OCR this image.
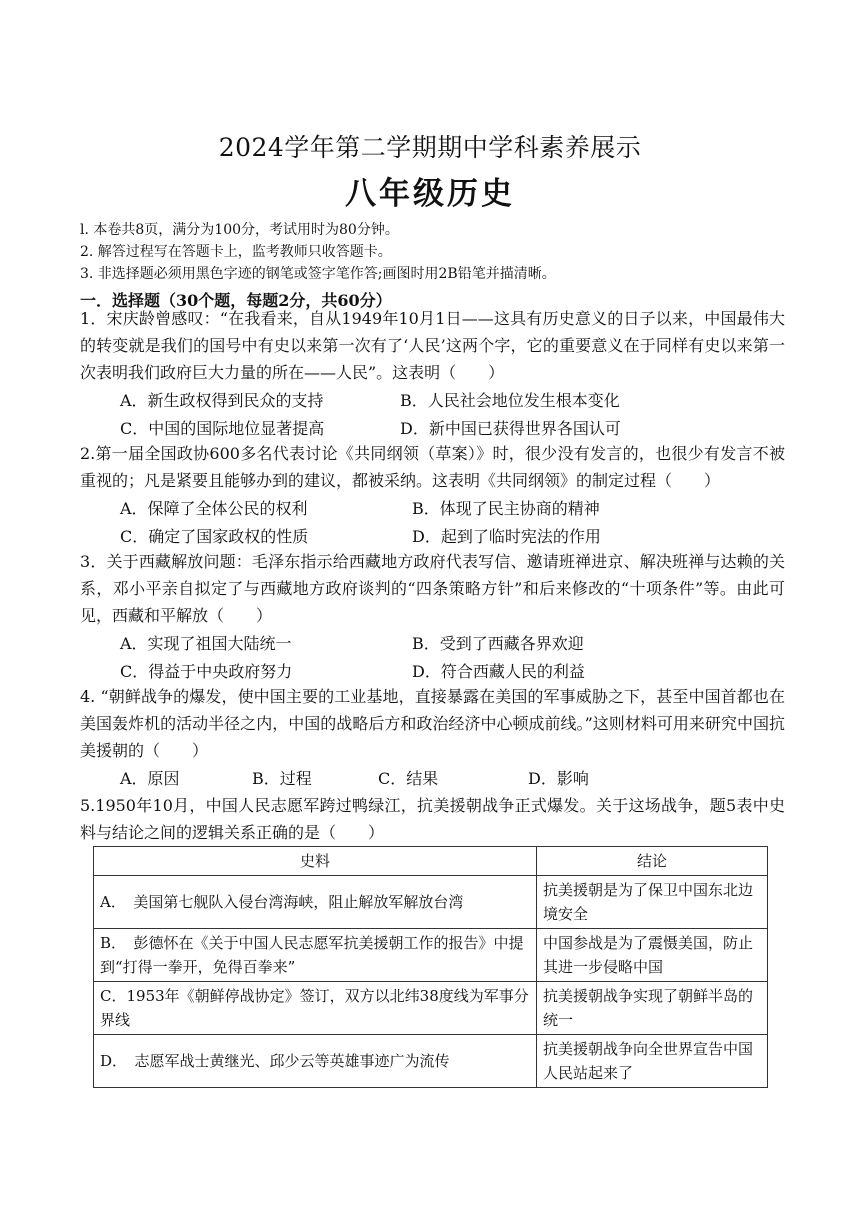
2024学年第二学期期中学科素养展示
八年级历史
l. 本卷共8页，满分为100分，考试用时为80分钟。
2. 解答过程写在答题卡上，监考教师只收答题卡。
3. 非选择题必须用黑色字迹的钢笔或签字笔作答;画图时用2B铅笔并描清晰。
一．选择题（30个题，每题2分，共60分）
1．宋庆龄曾感叹：“在我看来，自从1949年10月1日——这具有历史意义的日子以来，中国最伟大的转变就是我们的国号中有史以来第一次有了‘人民’这两个字，它的重要意义在于同样有史以来第一次表明我们政府巨大力量的所在——人民”。这表明（　　）
A．新生政权得到民众的支持	B．人民社会地位发生根本变化
C．中国的国际地位显著提高	D．新中国已获得世界各国认可
2.第一届全国政协600多名代表讨论《共同纲领（草案）》时，很少没有发言的，也很少有发言不被重视的；凡是紧要且能够办到的建议，都被采纳。这表明《共同纲领》的制定过程（　　）
A．保障了全体公民的权利	B．体现了民主协商的精神
C．确定了国家政权的性质	D．起到了临时宪法的作用
3．关于西藏解放问题：毛泽东指示给西藏地方政府代表写信、邀请班禅进京、解决班禅与达赖的关系，邓小平亲自拟定了与西藏地方政府谈判的“四条策略方针”和后来修改的“十项条件”等。由此可见，西藏和平解放（　　）
A．实现了祖国大陆统一	B．受到了西藏各界欢迎
C．得益于中央政府努力	D．符合西藏人民的利益
4. “朝鲜战争的爆发，使中国主要的工业基地，直接暴露在美国的军事威胁之下，甚至中国首都也在美国轰炸机的活动半径之内，中国的战略后方和政治经济中心顿成前线。”这则材料可用来研究中国抗美援朝的（　　）
A．原因	B．过程	C．结果	D．影响
5.1950年10月，中国人民志愿军跨过鸭绿江，抗美援朝战争正式爆发。关于这场战争，题5表中史料与结论之间的逻辑关系正确的是（　　）
史料	结论
A．　美国第七舰队入侵台湾海峡，阻止解放军解放台湾	抗美援朝是为了保卫中国东北边境安全
B．　彭德怀在《关于中国人民志愿军抗美援朝工作的报告》中提到“打得一拳开，免得百拳来”	中国参战是为了震慑美国，防止其进一步侵略中国
C．1953年《朝鲜停战协定》签订，双方以北纬38度线为军事分界线	抗美援朝战争实现了朝鲜半岛的统一
D．　志愿军战士黄继光、邱少云等英雄事迹广为流传	抗美援朝战争向全世界宣告中国人民站起来了
